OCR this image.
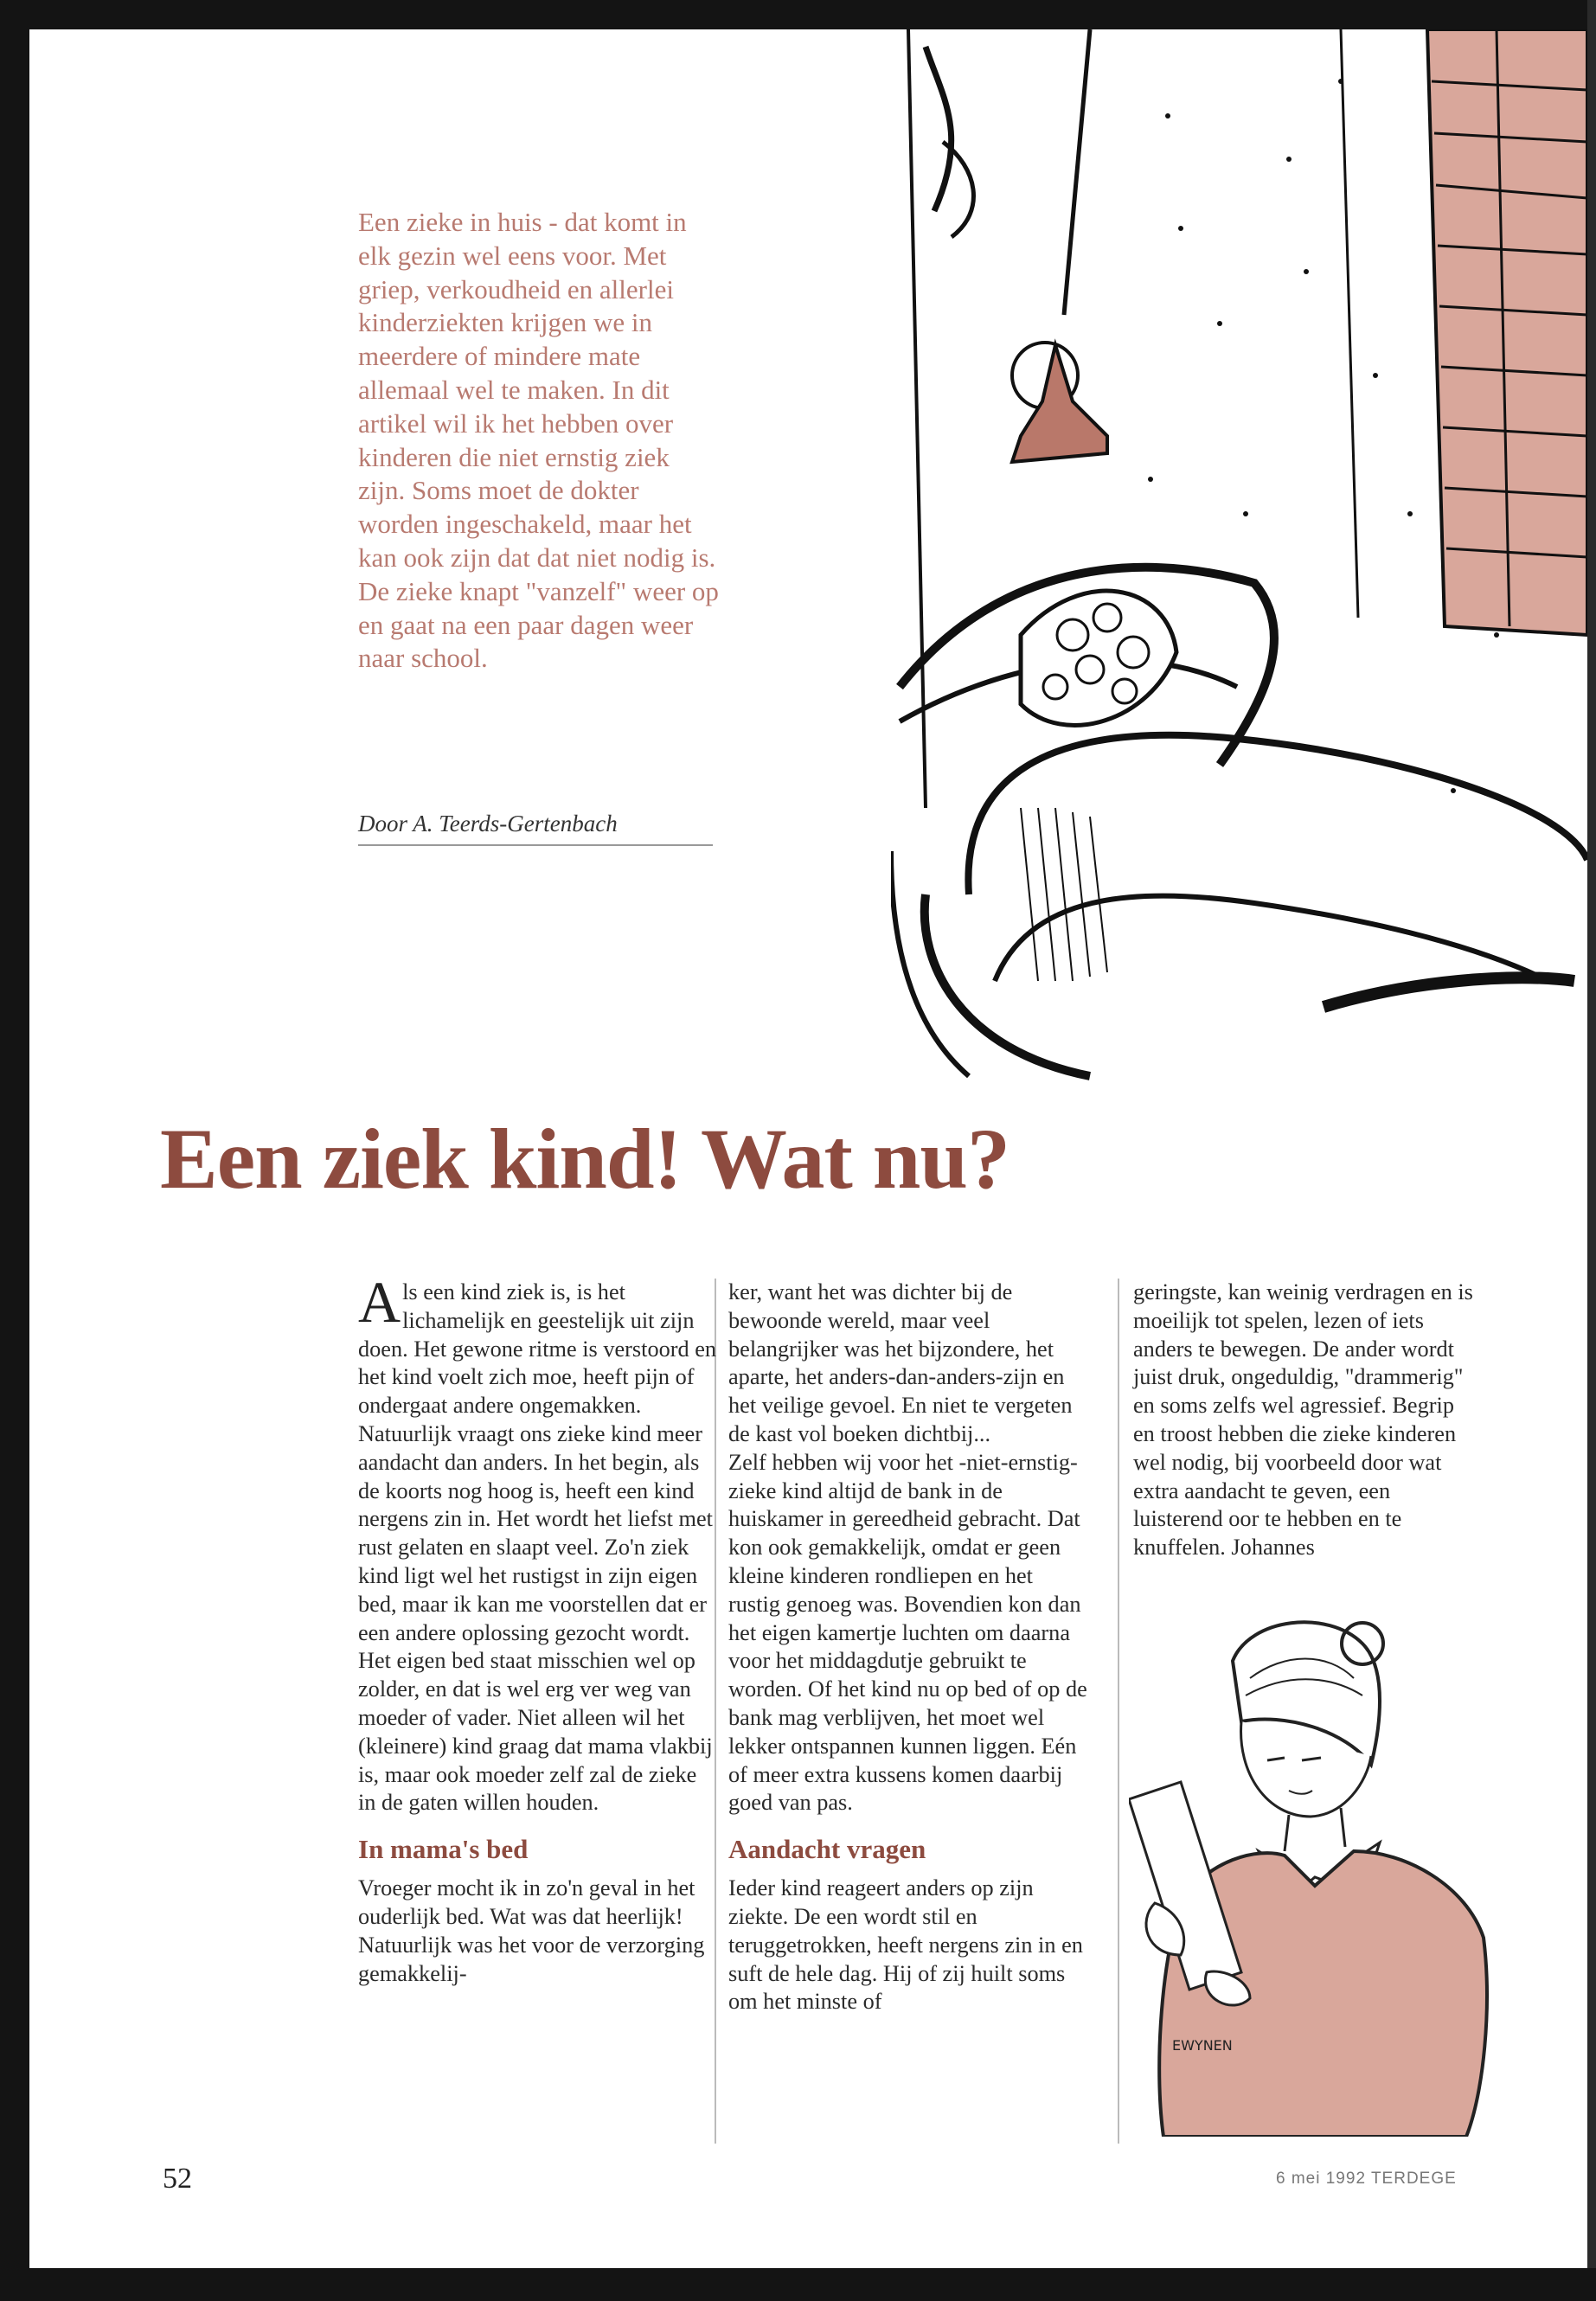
Een zieke in huis - dat komt in elk gezin wel eens voor. Met griep, verkoudheid en allerlei kinderziekten krijgen we in meerdere of mindere mate allemaal wel te maken. In dit artikel wil ik het hebben over kinderen die niet ernstig ziek zijn. Soms moet de dokter worden ingeschakeld, maar het kan ook zijn dat dat niet nodig is. De zieke knapt "vanzelf" weer op en gaat na een paar dagen weer naar school.

Door A. Teerds-Gertenbach
Een ziek kind! Wat nu?

Als een kind ziek is, is het lichamelijk en geestelijk uit zijn doen. Het gewone ritme is verstoord en het kind voelt zich moe, heeft pijn of ondergaat andere ongemakken. Natuurlijk vraagt ons zieke kind meer aandacht dan anders. In het begin, als de koorts nog hoog is, heeft een kind nergens zin in. Het wordt het liefst met rust gelaten en slaapt veel. Zo'n ziek kind ligt wel het rustigst in zijn eigen bed, maar ik kan me voorstellen dat er een andere oplossing gezocht wordt. Het eigen bed staat misschien wel op zolder, en dat is wel erg ver weg van moeder of vader. Niet alleen wil het (kleinere) kind graag dat mama vlakbij is, maar ook moeder zelf zal de zieke in de gaten willen houden.

In mama's bed

Vroeger mocht ik in zo'n geval in het ouderlijk bed. Wat was dat heerlijk! Natuurlijk was het voor de verzorging gemakkelij-

ker, want het was dichter bij de bewoonde wereld, maar veel belangrijker was het bijzondere, het aparte, het anders-dan-anders-zijn en het veilige gevoel. En niet te vergeten de kast vol boeken dichtbij...

Zelf hebben wij voor het -niet-ernstig- zieke kind altijd de bank in de huiskamer in gereedheid gebracht. Dat kon ook gemakkelijk, omdat er geen kleine kinderen rondliepen en het rustig genoeg was. Bovendien kon dan het eigen kamertje luchten om daarna voor het middagdutje gebruikt te worden. Of het kind nu op bed of op de bank mag verblijven, het moet wel lekker ontspannen kunnen liggen. Eén of meer extra kussens komen daarbij goed van pas.

Aandacht vragen

Ieder kind reageert anders op zijn ziekte. De een wordt stil en teruggetrokken, heeft nergens zin in en suft de hele dag. Hij of zij huilt soms om het minste of

geringste, kan weinig verdragen en is moeilijk tot spelen, lezen of iets anders te bewegen. De ander wordt juist druk, ongeduldig, "drammerig" en soms zelfs wel agressief. Begrip en troost hebben die zieke kinderen wel nodig, bij voorbeeld door wat extra aandacht te geven, een luisterend oor te hebben en te knuffelen. Johannes

EWYNEN
52	6 mei 1992 TERDEGE
